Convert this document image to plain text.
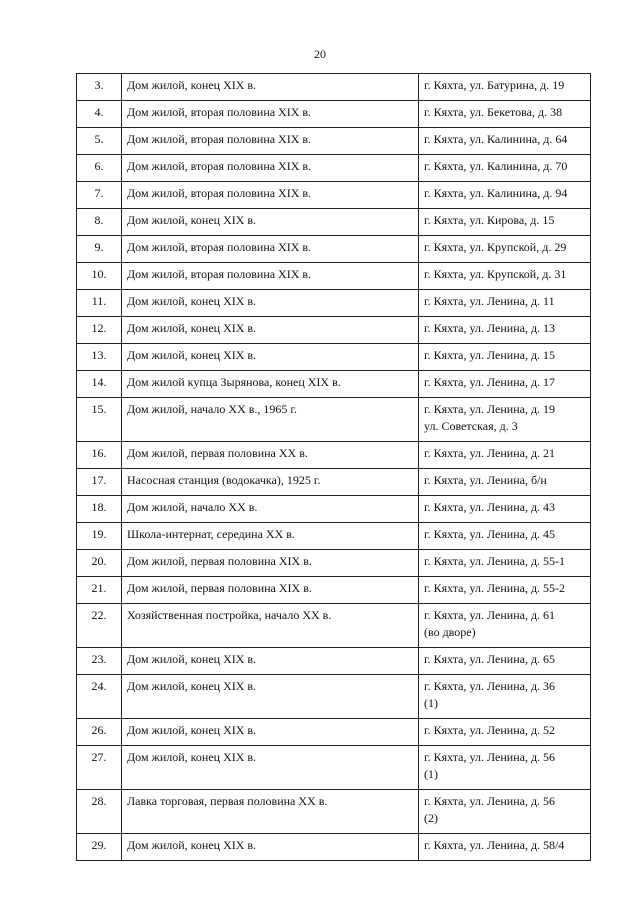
20
3.	Дом жилой, конец XIX в.	г. Кяхта, ул. Батурина, д. 19
4.	Дом жилой, вторая половина XIX в.	г. Кяхта, ул. Бекетова, д. 38
5.	Дом жилой, вторая половина XIX в.	г. Кяхта, ул. Калинина, д. 64
6.	Дом жилой, вторая половина XIX в.	г. Кяхта, ул. Калинина, д. 70
7.	Дом жилой, вторая половина XIX в.	г. Кяхта, ул. Калинина, д. 94
8.	Дом жилой, конец XIX в.	г. Кяхта, ул. Кирова, д. 15
9.	Дом жилой, вторая половина XIX в.	г. Кяхта, ул. Крупской, д. 29
10.	Дом жилой, вторая половина XIX в.	г. Кяхта, ул. Крупской, д. 31
11.	Дом жилой, конец XIX в.	г. Кяхта, ул. Ленина, д. 11
12.	Дом жилой, конец XIX в.	г. Кяхта, ул. Ленина, д. 13
13.	Дом жилой, конец XIX в.	г. Кяхта, ул. Ленина, д. 15
14.	Дом жилой купца Зырянова, конец XIX в.	г. Кяхта, ул. Ленина, д. 17
15.	Дом жилой, начало XX в., 1965 г.	г. Кяхта, ул. Ленина, д. 19
ул. Советская, д. 3
16.	Дом жилой, первая половина XX в.	г. Кяхта, ул. Ленина, д. 21
17.	Насосная станция (водокачка), 1925 г.	г. Кяхта, ул. Ленина, б/н
18.	Дом жилой, начало XX в.	г. Кяхта, ул. Ленина, д. 43
19.	Школа-интернат, середина XX в.	г. Кяхта, ул. Ленина, д. 45
20.	Дом жилой, первая половина XIX в.	г. Кяхта, ул. Ленина, д. 55-1
21.	Дом жилой, первая половина XIX в.	г. Кяхта, ул. Ленина, д. 55-2
22.	Хозяйственная постройка, начало XX в.	г. Кяхта, ул. Ленина, д. 61
(во дворе)
23.	Дом жилой, конец XIX в.	г. Кяхта, ул. Ленина, д. 65
24.	Дом жилой, конец XIX в.	г. Кяхта, ул. Ленина, д. 36
(1)
26.	Дом жилой, конец XIX в.	г. Кяхта, ул. Ленина, д. 52
27.	Дом жилой, конец XIX в.	г. Кяхта, ул. Ленина, д. 56
(1)
28.	Лавка торговая, первая половина XX в.	г. Кяхта, ул. Ленина, д. 56
(2)
29.	Дом жилой, конец XIX в.	г. Кяхта, ул. Ленина, д. 58/4
